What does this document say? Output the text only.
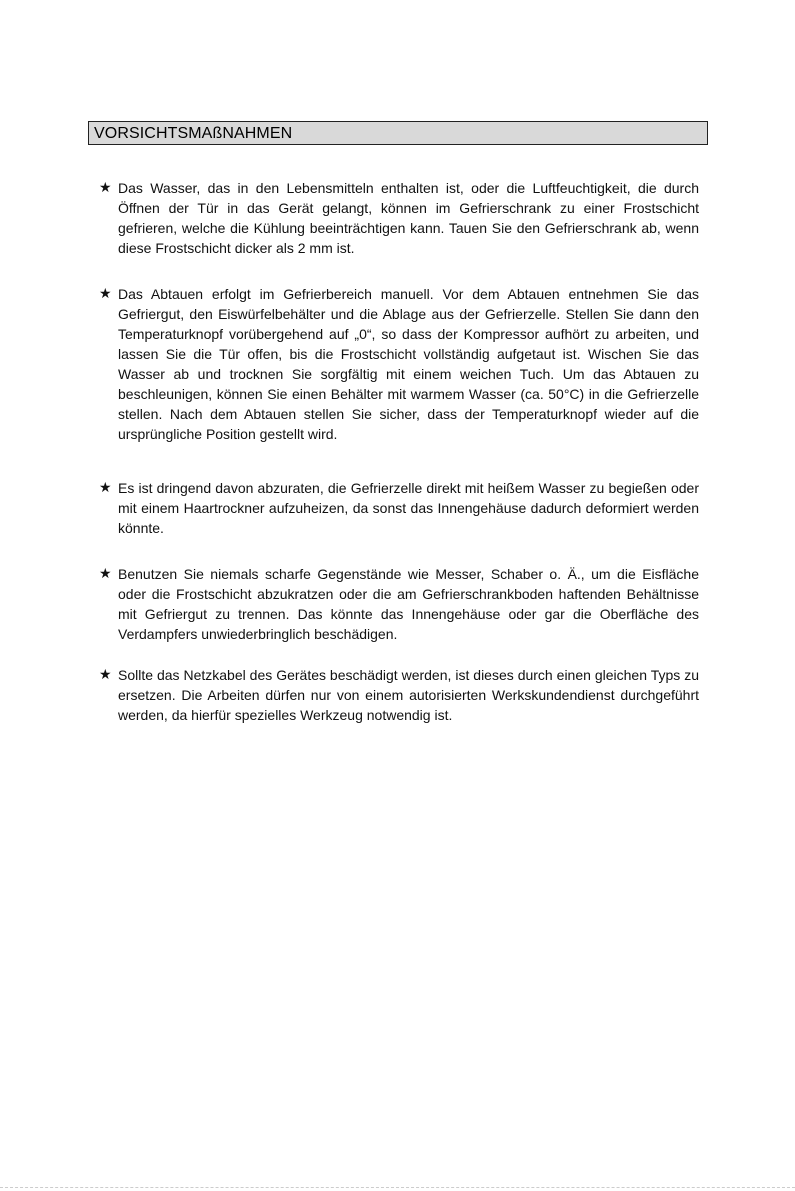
VORSICHTSMAßNAHMEN
★ Das Wasser, das in den Lebensmitteln enthalten ist, oder die Luftfeuchtigkeit, die durch Öffnen der Tür in das Gerät gelangt, können im Gefrierschrank zu einer Frostschicht gefrieren, welche die Kühlung beeinträchtigen kann. Tauen Sie den Gefrierschrank ab, wenn diese Frostschicht dicker als 2 mm ist.
★ Das Abtauen erfolgt im Gefrierbereich manuell. Vor dem Abtauen entnehmen Sie das Gefriergut, den Eiswürfelbehälter und die Ablage aus der Gefrierzelle. Stellen Sie dann den Temperaturknopf vorübergehend auf „0“, so dass der Kompressor aufhört zu arbeiten, und lassen Sie die Tür offen, bis die Frostschicht vollständig aufgetaut ist. Wischen Sie das Wasser ab und trocknen Sie sorgfältig mit einem weichen Tuch. Um das Abtauen zu beschleunigen, können Sie einen Behälter mit warmem Wasser (ca. 50°C) in die Gefrierzelle stellen. Nach dem Abtauen stellen Sie sicher, dass der Temperaturknopf wieder auf die ursprüngliche Position gestellt wird.
★ Es ist dringend davon abzuraten, die Gefrierzelle direkt mit heißem Wasser zu begießen oder mit einem Haartrockner aufzuheizen, da sonst das Innengehäuse dadurch deformiert werden könnte.
★ Benutzen Sie niemals scharfe Gegenstände wie Messer, Schaber o. Ä., um die Eisfläche oder die Frostschicht abzukratzen oder die am Gefrierschrankboden haftenden Behältnisse mit Gefriergut zu trennen. Das könnte das Innengehäuse oder gar die Oberfläche des Verdampfers unwiederbringlich beschädigen.
★ Sollte das Netzkabel des Gerätes beschädigt werden, ist dieses durch einen gleichen Typs zu ersetzen. Die Arbeiten dürfen nur von einem autorisierten Werkskundendienst durchgeführt werden, da hierfür spezielles Werkzeug notwendig ist.
